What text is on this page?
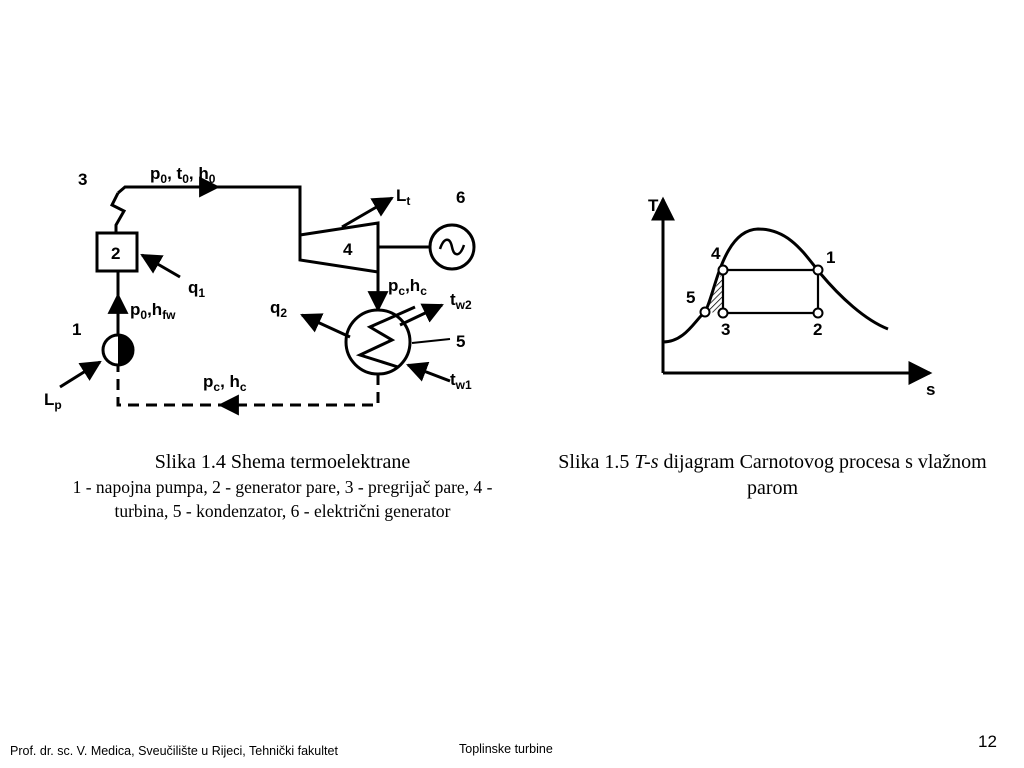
$p_0$, $t_0$, $h_0$
3
2
1
4
6
5
$p_0,h_{fw}$
$q_1$
$L_t$
$p_c,h_c$
$q_2$
$t_{w2}$
$t_{w1}$
$p_c$, $h_c$
$L_p$
T
s
1
2
3
4
5
Slika 1.4 Shema termoelektrane
1 - napojna pumpa, 2 - generator pare, 3 - pregrijač pare, 4 - turbina, 5 - kondenzator, 6 - električni generator
Slika 1.5 T-s dijagram Carnotovog procesa s vlažnom parom
Prof. dr. sc. V. Medica, Sveučilište u Rijeci, Tehnički fakultet	Toplinske turbine	12
